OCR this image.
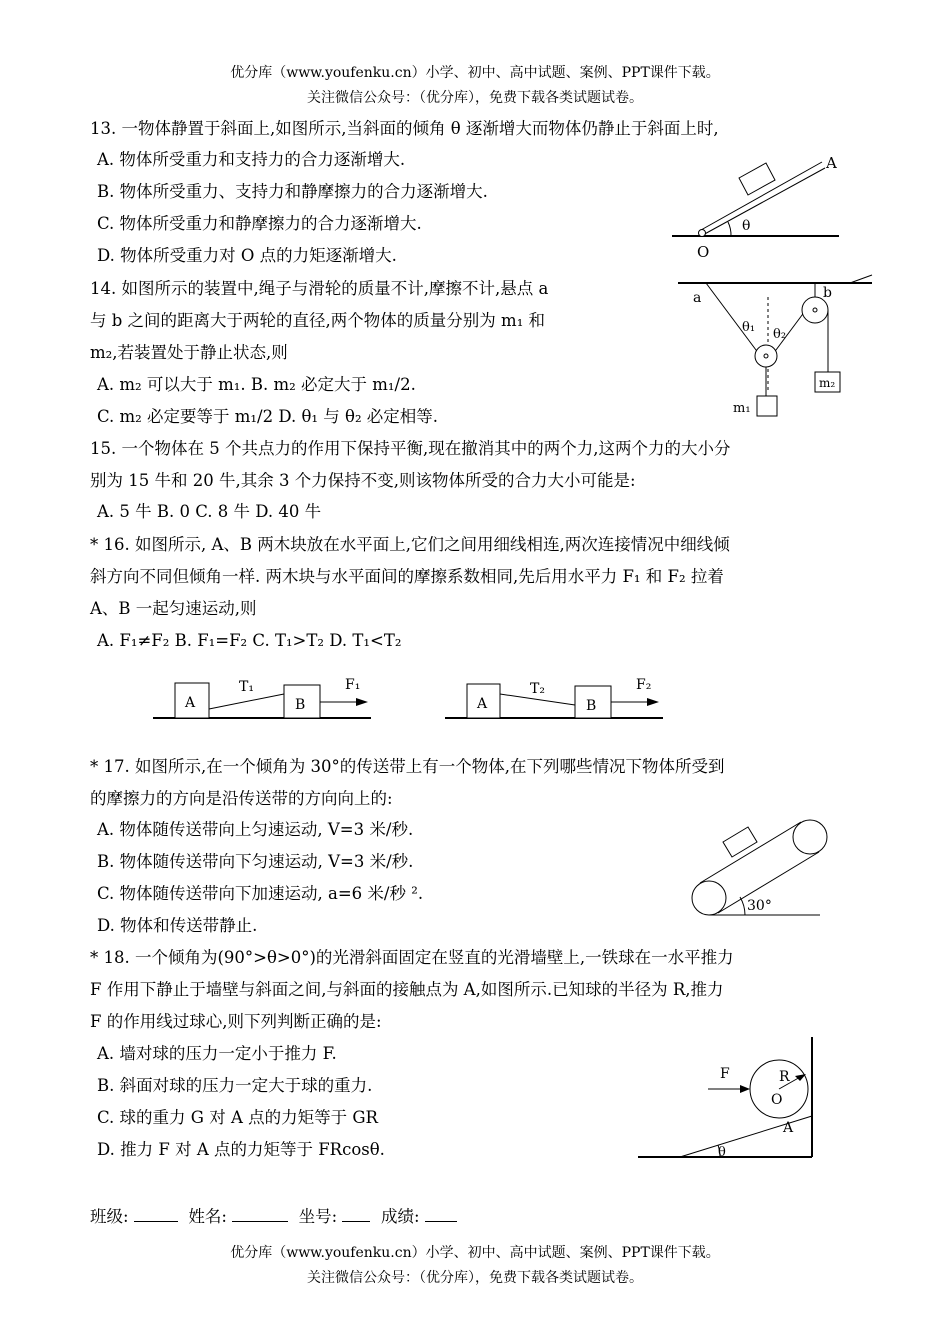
优分库（www.youfenku.cn）小学、初中、高中试题、案例、PPT课件下载。
关注微信公众号：（优分库），免费下载各类试题试卷。
13. 一物体静置于斜面上,如图所示,当斜面的倾角 θ 逐渐增大而物体仍静止于斜面上时,
A. 物体所受重力和支持力的合力逐渐增大.
B. 物体所受重力、支持力和静摩擦力的合力逐渐增大.
C. 物体所受重力和静摩擦力的合力逐渐增大.
D. 物体所受重力对 O 点的力矩逐渐增大.
A
O
θ
14. 如图所示的装置中,绳子与滑轮的质量不计,摩擦不计,悬点 a
与 b 之间的距离大于两轮的直径,两个物体的质量分别为 m₁ 和
m₂,若装置处于静止状态,则
A. m₂ 可以大于 m₁. B. m₂ 必定大于 m₁/2.
C. m₂ 必定要等于 m₁/2 D. θ₁ 与 θ₂ 必定相等.
a	b
θ₁ θ₂
m₁
m₂
15. 一个物体在 5 个共点力的作用下保持平衡,现在撤消其中的两个力,这两个力的大小分
别为 15 牛和 20 牛,其余 3 个力保持不变,则该物体所受的合力大小可能是:
A. 5 牛 B. 0 C. 8 牛 D. 40 牛
* 16. 如图所示, A、B 两木块放在水平面上,它们之间用细线相连,两次连接情况中细线倾
斜方向不同但倾角一样. 两木块与水平面间的摩擦系数相同,先后用水平力 F₁ 和 F₂ 拉着
A、B 一起匀速运动,则
A. F₁≠F₂ B. F₁=F₂ C. T₁>T₂ D. T₁<T₂
A	B
T₁	F₁
A	B
T₂	F₂
* 17. 如图所示,在一个倾角为 30°的传送带上有一个物体,在下列哪些情况下物体所受到
的摩擦力的方向是沿传送带的方向向上的:
A. 物体随传送带向上匀速运动, V=3 米/秒.
B. 物体随传送带向下匀速运动, V=3 米/秒.
C. 物体随传送带向下加速运动, a=6 米/秒 ².
D. 物体和传送带静止.
30°
* 18. 一个倾角为(90°>θ>0°)的光滑斜面固定在竖直的光滑墙壁上,一铁球在一水平推力
F 作用下静止于墙壁与斜面之间,与斜面的接触点为 A,如图所示.已知球的半径为 R,推力
F 的作用线过球心,则下列判断正确的是:
A. 墙对球的压力一定小于推力 F.
B. 斜面对球的压力一定大于球的重力.
C. 球的重力 G 对 A 点的力矩等于 GR
D. 推力 F 对 A 点的力矩等于 FRcosθ.
F	R
O
A
θ
班级:	姓名:	坐号:	成绩:
优分库（www.youfenku.cn）小学、初中、高中试题、案例、PPT课件下载。
关注微信公众号：（优分库），免费下载各类试题试卷。
